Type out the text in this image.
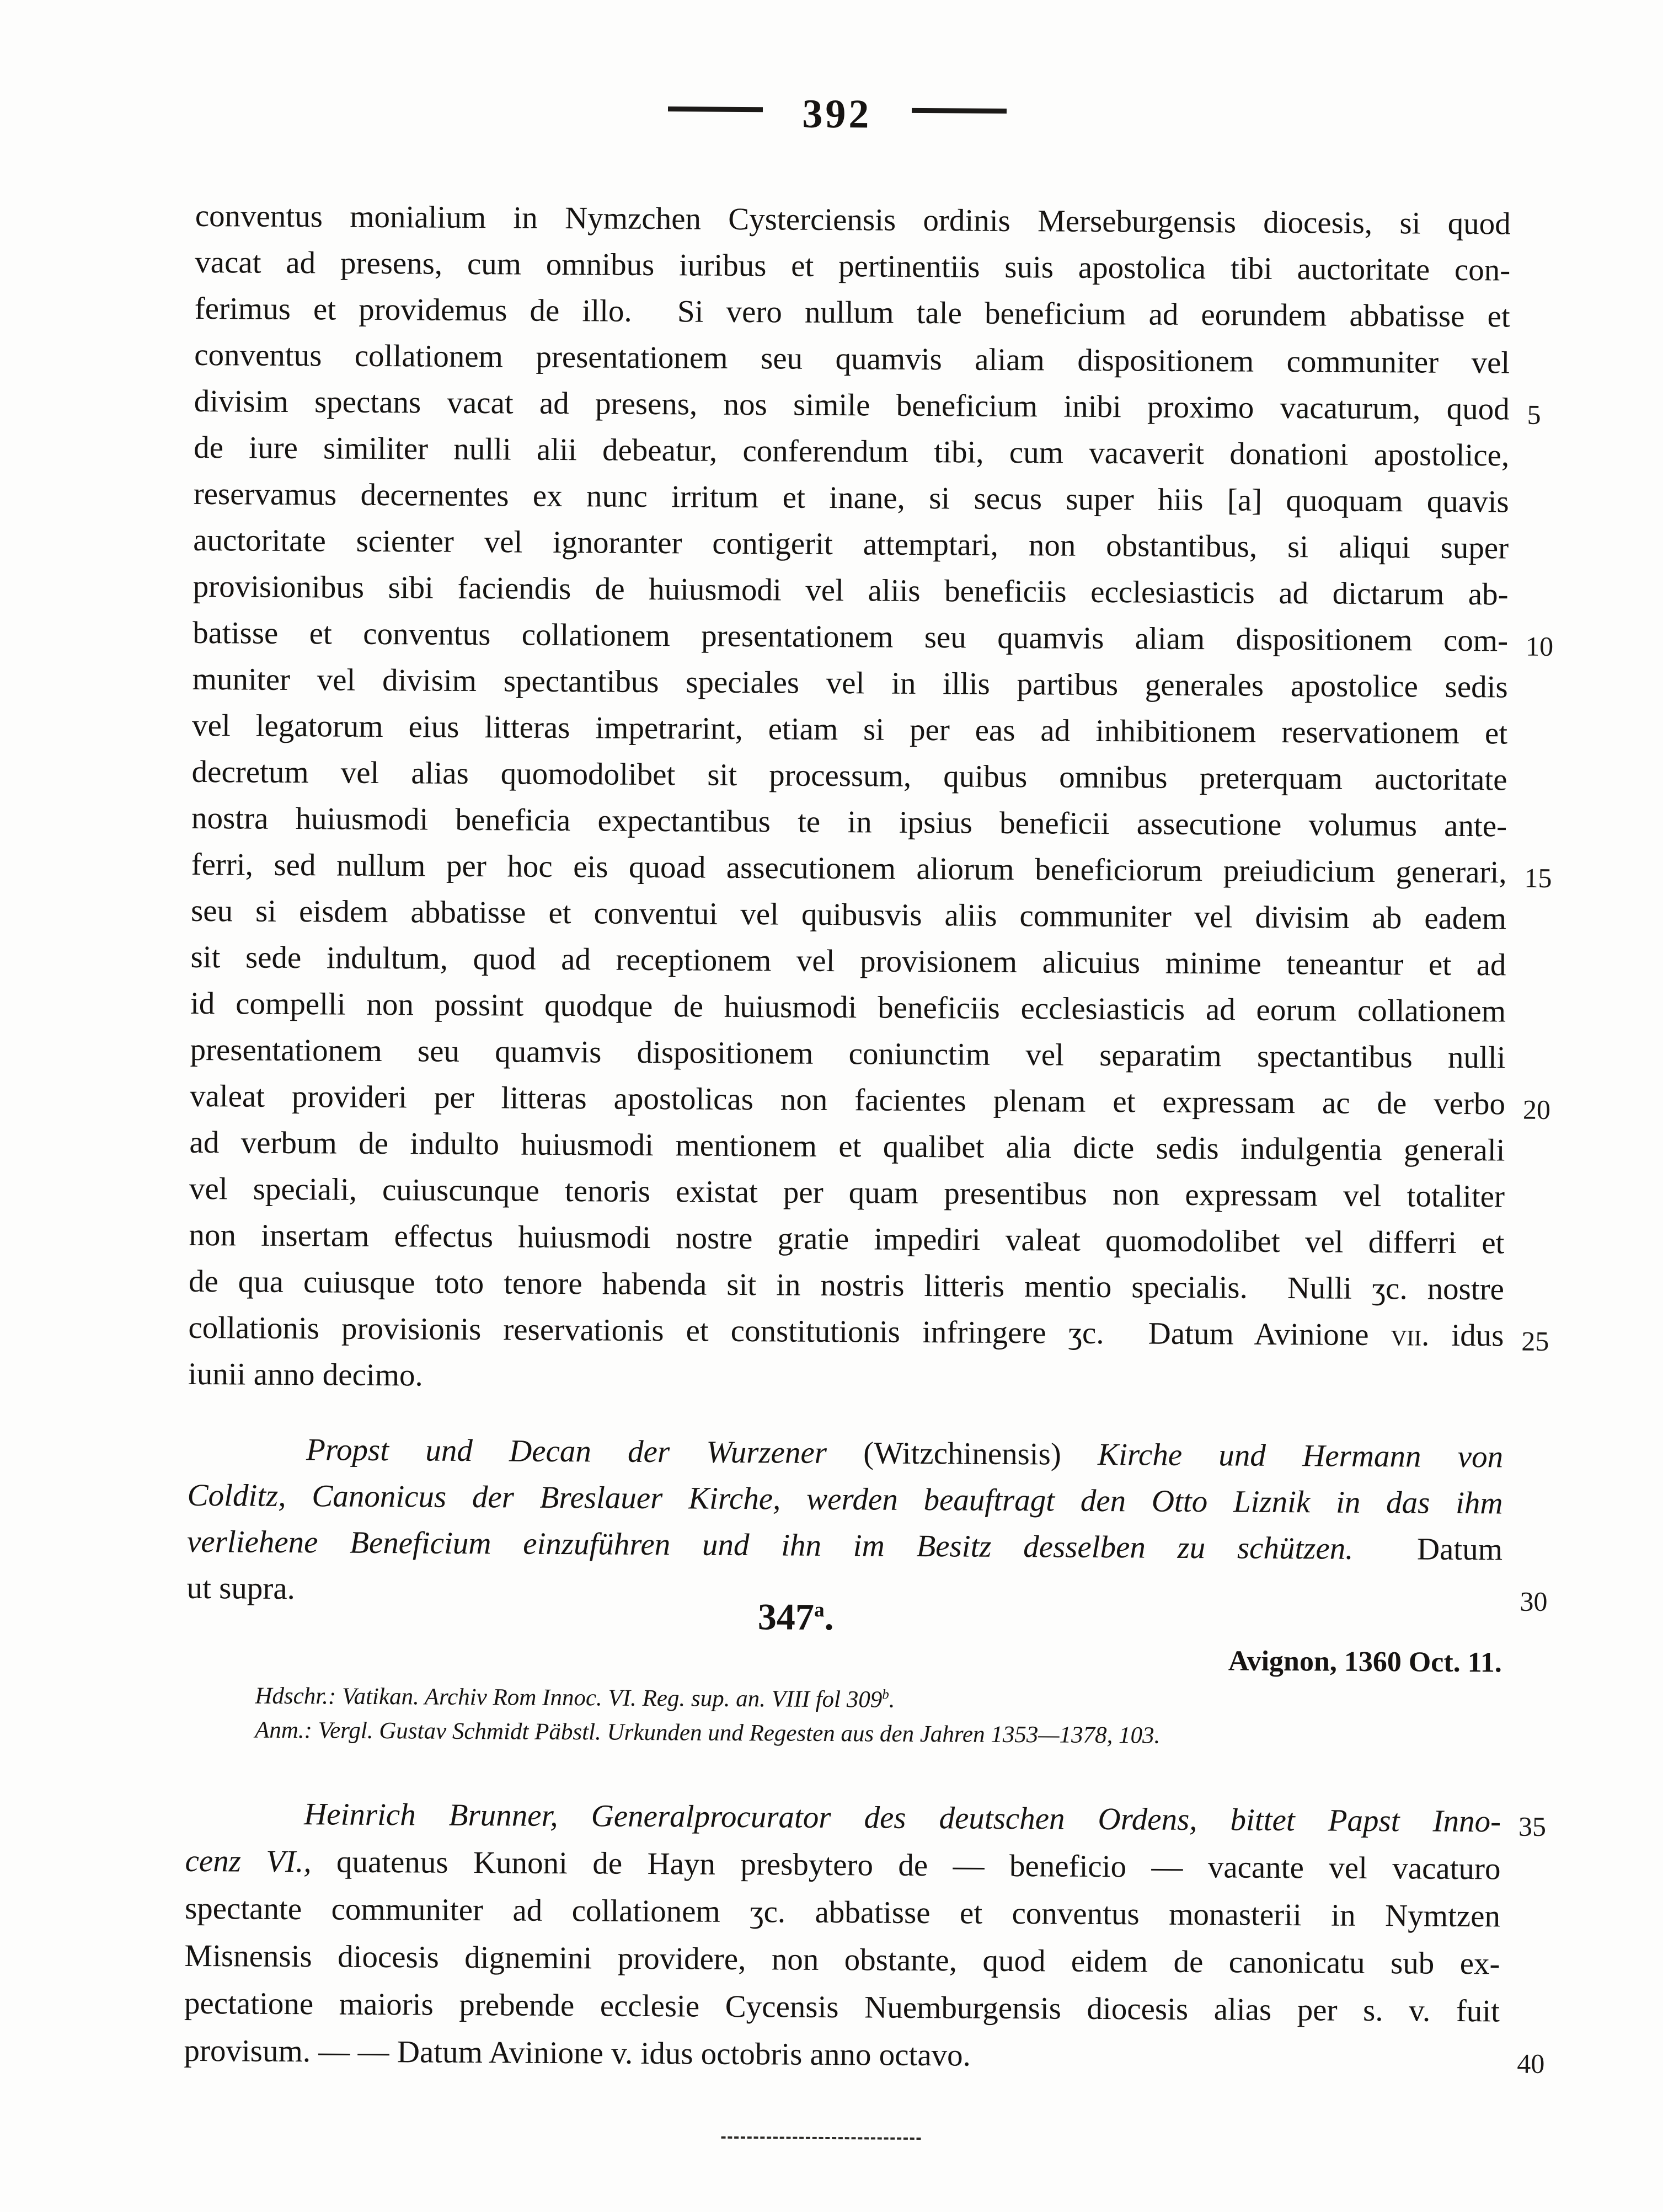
392
conventus monialium in Nymzchen Cysterciensis ordinis Merseburgensis diocesis, si quod
vacat ad presens, cum omnibus iuribus et pertinentiis suis apostolica tibi auctoritate con-
ferimus et providemus de illo.  Si vero nullum tale beneficium ad eorundem abbatisse et
conventus collationem presentationem seu quamvis aliam dispositionem communiter vel
divisim spectans vacat ad presens, nos simile beneficium inibi proximo vacaturum, quod 5
de iure similiter nulli alii debeatur, conferendum tibi, cum vacaverit donationi apostolice,
reservamus decernentes ex nunc irritum et inane, si secus super hiis [a] quoquam quavis
auctoritate scienter vel ignoranter contigerit attemptari, non obstantibus, si aliqui super
provisionibus sibi faciendis de huiusmodi vel aliis beneficiis ecclesiasticis ad dictarum ab-
batisse et conventus collationem presentationem seu quamvis aliam dispositionem com- 10
muniter vel divisim spectantibus speciales vel in illis partibus generales apostolice sedis
vel legatorum eius litteras impetrarint, etiam si per eas ad inhibitionem reservationem et
decretum vel alias quomodolibet sit processum, quibus omnibus preterquam auctoritate
nostra huiusmodi beneficia expectantibus te in ipsius beneficii assecutione volumus ante-
ferri, sed nullum per hoc eis quoad assecutionem aliorum beneficiorum preiudicium generari, 15
seu si eisdem abbatisse et conventui vel quibusvis aliis communiter vel divisim ab eadem
sit sede indultum, quod ad receptionem vel provisionem alicuius minime teneantur et ad
id compelli non possint quodque de huiusmodi beneficiis ecclesiasticis ad eorum collationem
presentationem seu quamvis dispositionem coniunctim vel separatim spectantibus nulli
valeat provideri per litteras apostolicas non facientes plenam et expressam ac de verbo 20
ad verbum de indulto huiusmodi mentionem et qualibet alia dicte sedis indulgentia generali
vel speciali, cuiuscunque tenoris existat per quam presentibus non expressam vel totaliter
non insertam effectus huiusmodi nostre gratie impediri valeat quomodolibet vel differri et
de qua cuiusque toto tenore habenda sit in nostris litteris mentio specialis.  Nulli ʒc. nostre
collationis provisionis reservationis et constitutionis infringere ʒc.  Datum Avinione vii. idus 25
iunii anno decimo.
Propst und Decan der Wurzener (Witzchinensis) Kirche und Hermann von
Colditz, Canonicus der Breslauer Kirche, werden beauftragt den Otto Liznik in das ihm
verliehene Beneficium einzuführen und ihn im Besitz desselben zu schützen.  Datum
ut supra.	30
347$^a$.
Avignon, 1360 Oct. 11.
Hdschr.: Vatikan. Archiv Rom Innoc. VI. Reg. sup. an. VIII fol 309$^b$.
Anm.: Vergl. Gustav Schmidt Päbstl. Urkunden und Regesten aus den Jahren 1353—1378, 103.
Heinrich Brunner, Generalprocurator des deutschen Ordens, bittet Papst Inno- 35
cenz VI., quatenus Kunoni de Hayn presbytero de — beneficio — vacante vel vacaturo
spectante communiter ad collationem ʒc. abbatisse et conventus monasterii in Nymtzen
Misnensis diocesis dignemini providere, non obstante, quod eidem de canonicatu sub ex-
pectatione maioris prebende ecclesie Cycensis Nuemburgensis diocesis alias per s. v. fuit
provisum. — — Datum Avinione v. idus octobris anno octavo.	40
